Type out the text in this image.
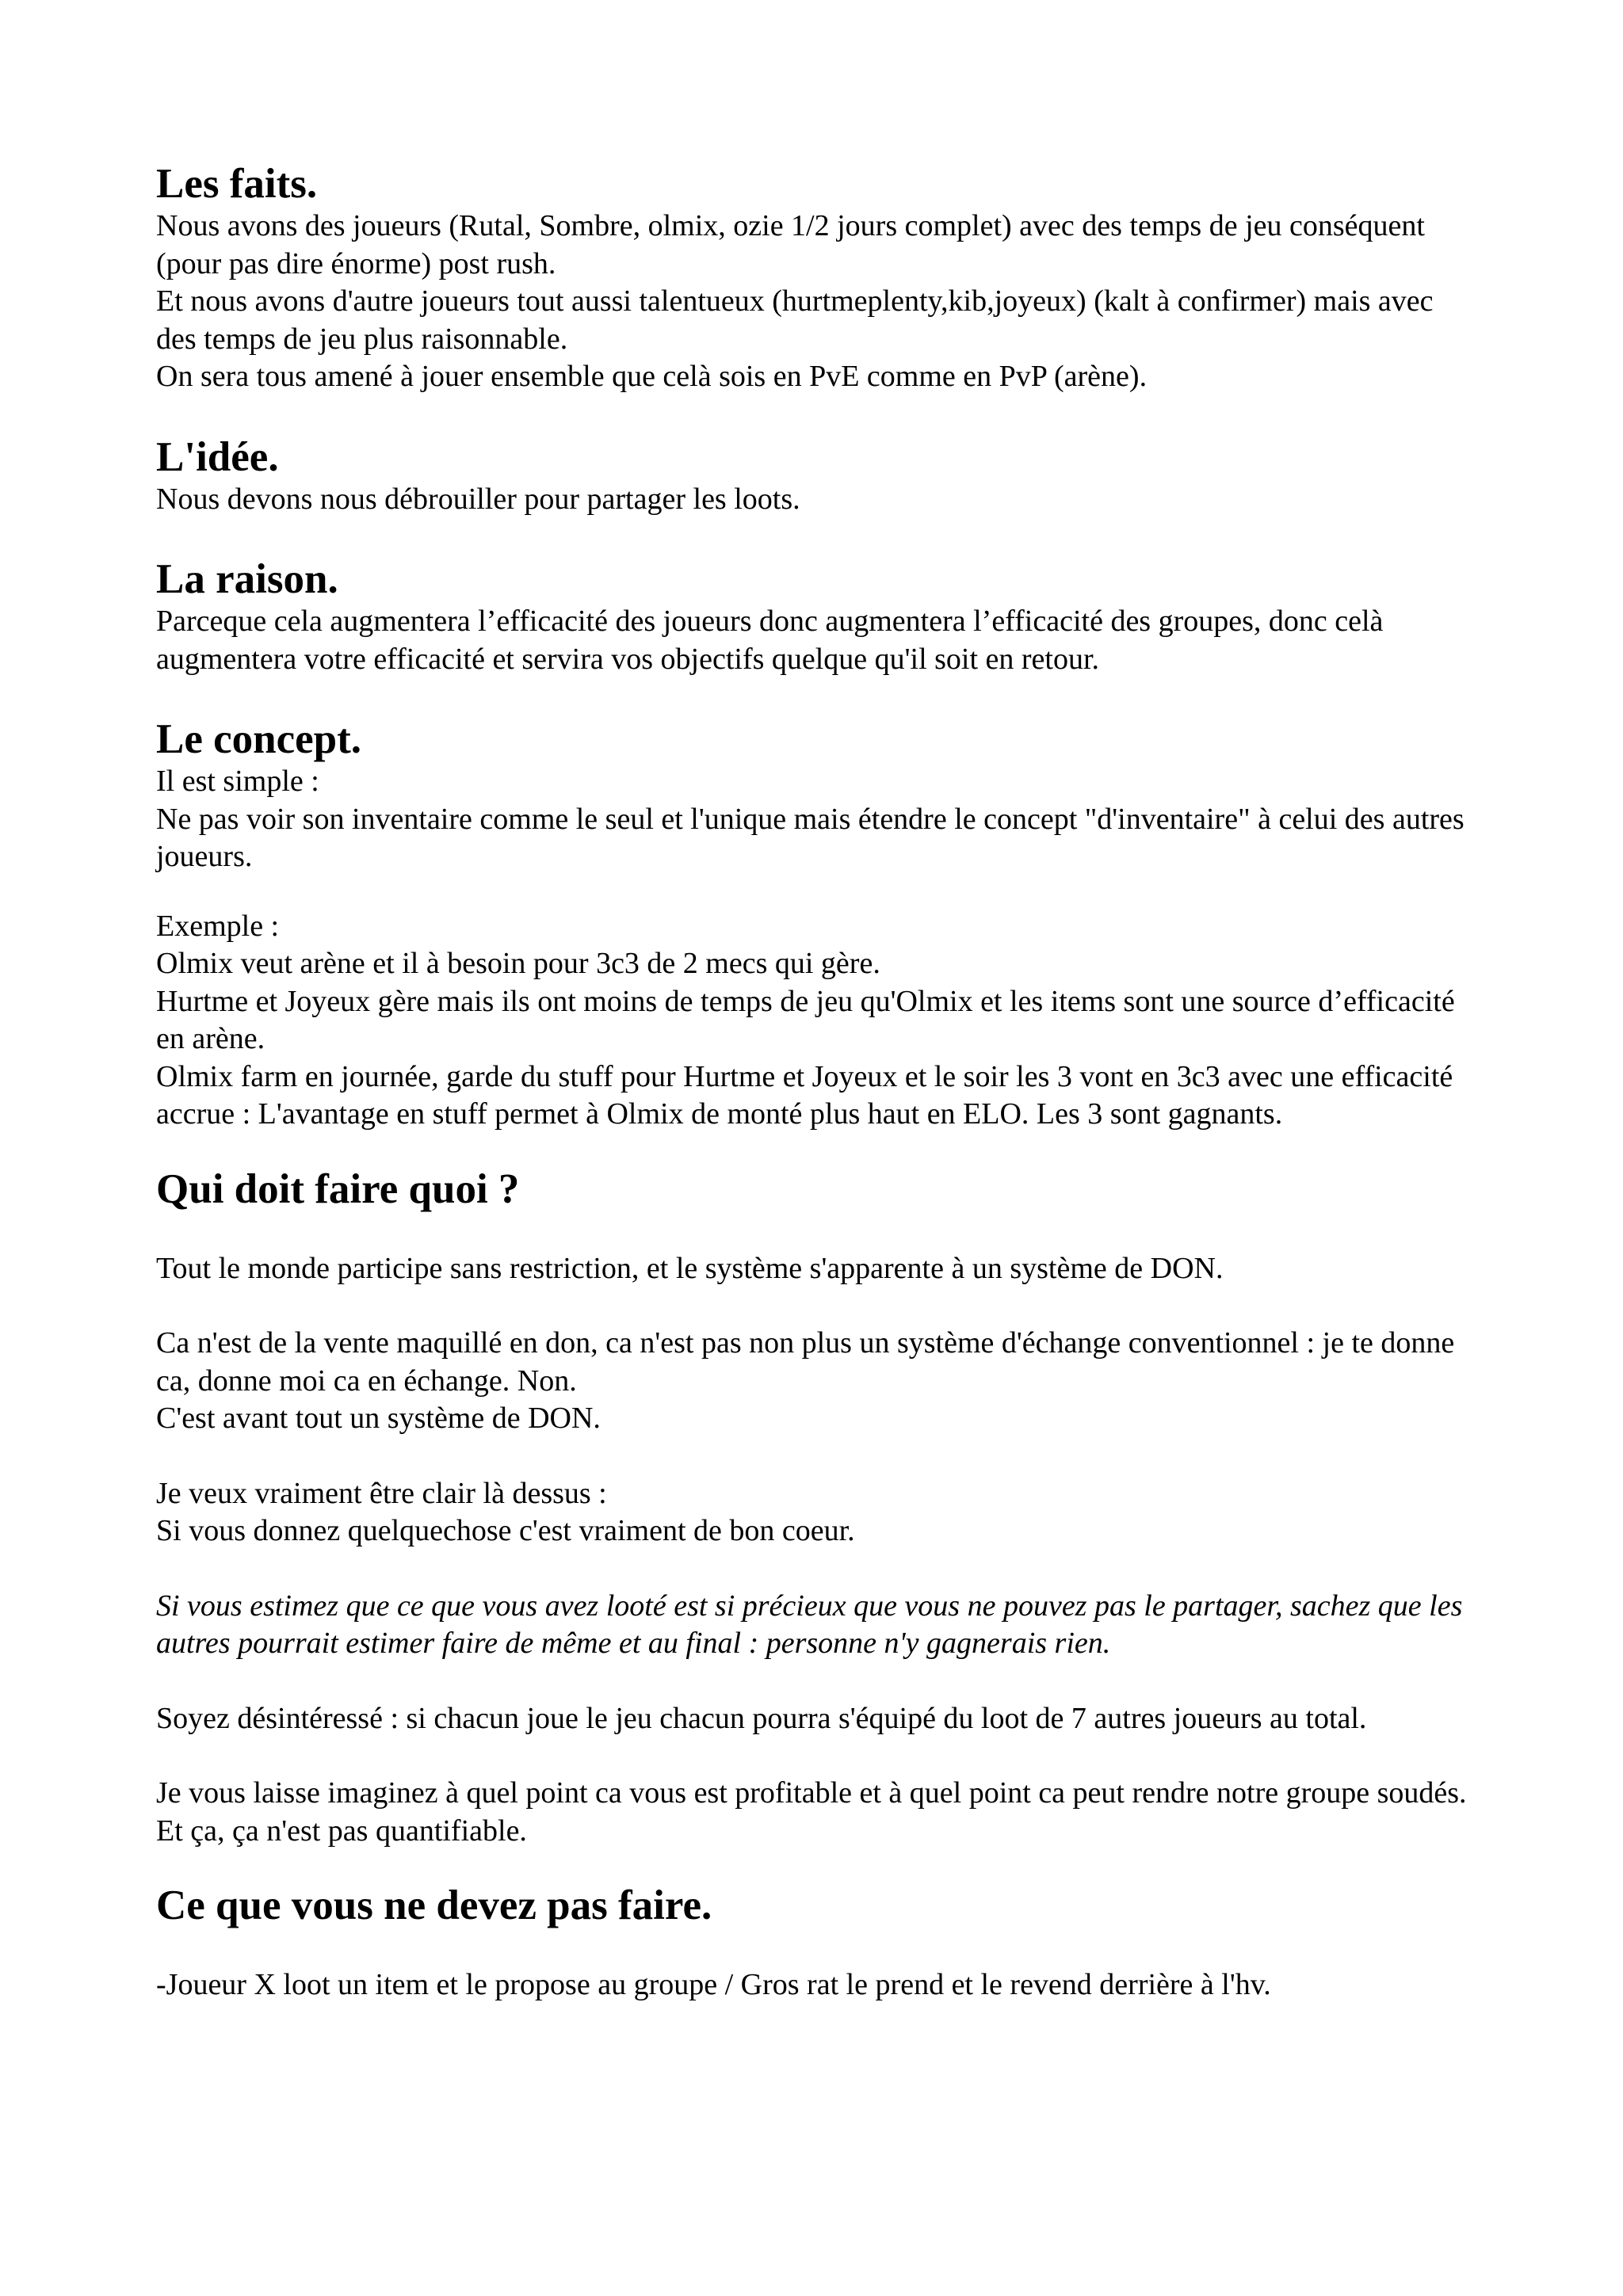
Les faits.

Nous avons des joueurs (Rutal, Sombre, olmix, ozie 1/2 jours complet) avec des temps de jeu conséquent (pour pas dire énorme) post rush.

Et nous avons d'autre joueurs tout aussi talentueux (hurtmeplenty,kib,joyeux) (kalt à confirmer) mais avec des temps de jeu plus raisonnable.

On sera tous amené à jouer ensemble que celà sois en PvE comme en PvP (arène).

L'idée.

Nous devons nous débrouiller pour partager les loots.

La raison.

Parceque cela augmentera l’efficacité des joueurs donc augmentera l’efficacité des groupes, donc celà augmentera votre efficacité et servira vos objectifs quelque qu'il soit en retour.

Le concept.

Il est simple :

Ne pas voir son inventaire comme le seul et l'unique mais étendre le concept "d'inventaire" à celui des autres joueurs.

Exemple :

Olmix veut arène et il à besoin pour 3c3 de 2 mecs qui gère.

Hurtme et Joyeux gère mais ils ont moins de temps de jeu qu'Olmix et les items sont une source d’efficacité en arène.

Olmix farm en journée, garde du stuff pour Hurtme et Joyeux et le soir les 3 vont en 3c3 avec une efficacité accrue : L'avantage en stuff permet à Olmix de monté plus haut en ELO. Les 3 sont gagnants.

Qui doit faire quoi ?

Tout le monde participe sans restriction, et le système s'apparente à un système de DON.

Ca n'est de la vente maquillé en don, ca n'est pas non plus un système d'échange conventionnel : je te donne ca, donne moi ca en échange. Non.

C'est avant tout un système de DON.

Je veux vraiment être clair là dessus :

Si vous donnez quelquechose c'est vraiment de bon coeur.

Si vous estimez que ce que vous avez looté est si précieux que vous ne pouvez pas le partager, sachez que les autres pourrait estimer faire de même et au final : personne n'y gagnerais rien.

Soyez désintéressé : si chacun joue le jeu chacun pourra s'équipé du loot de 7 autres joueurs au total.

Je vous laisse imaginez à quel point ca vous est profitable et à quel point ca peut rendre notre groupe soudés.

Et ça, ça n'est pas quantifiable.

Ce que vous ne devez pas faire.

-Joueur X loot un item et le propose au groupe / Gros rat le prend et le revend derrière à l'hv.
